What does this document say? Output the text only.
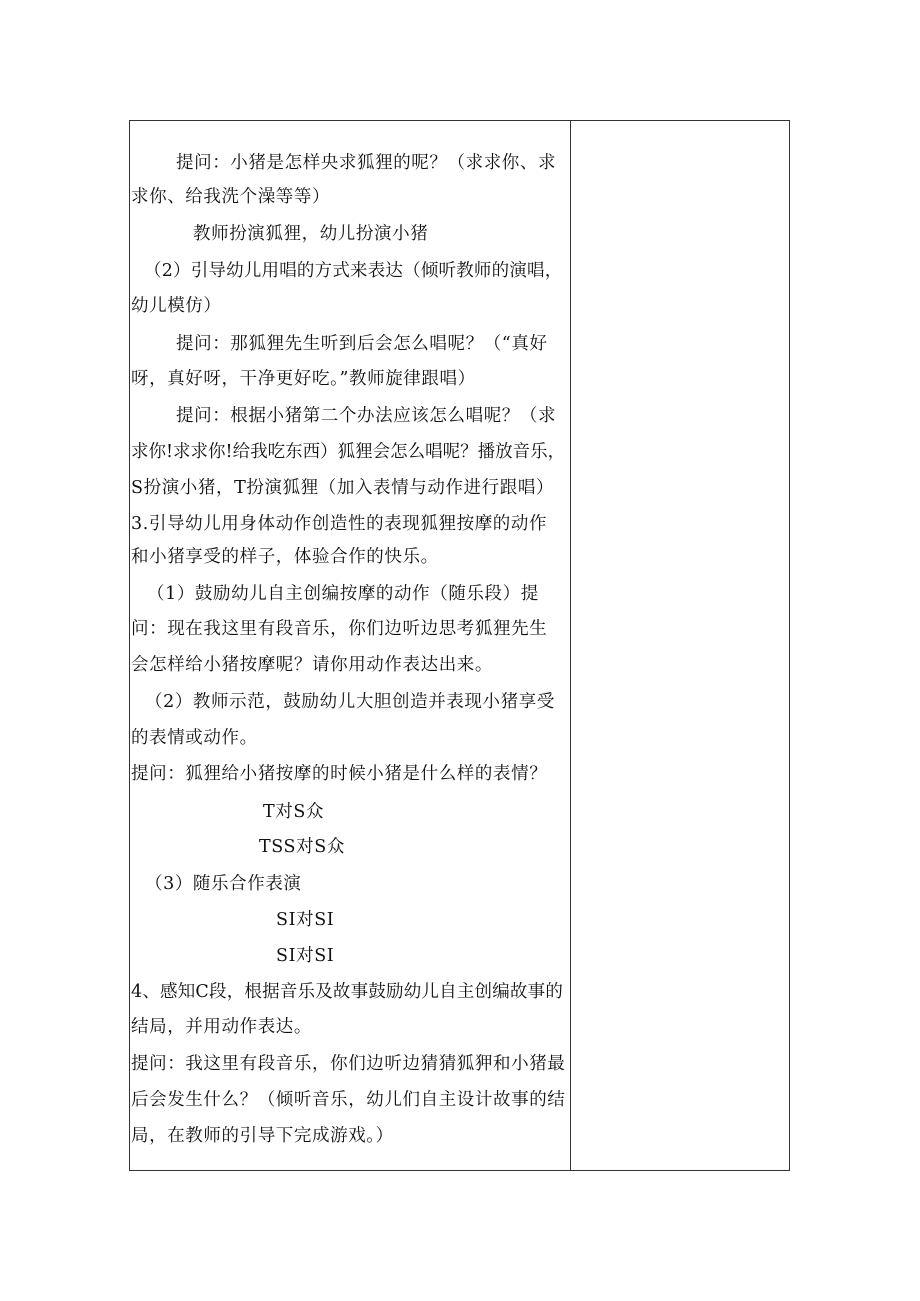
提问：小猪是怎样央求狐狸的呢？（求求你、求
求你、给我洗个澡等等）
教师扮演狐狸，幼儿扮演小猪
（2）引导幼儿用唱的方式来表达（倾听教师的演唱，
幼儿模仿）
提问：那狐狸先生听到后会怎么唱呢？（“真好
呀，真好呀，干净更好吃。”教师旋律跟唱）
提问：根据小猪第二个办法应该怎么唱呢？（求
求你!求求你!给我吃东西）狐狸会怎么唱呢？播放音乐，
S扮演小猪，T扮演狐狸（加入表情与动作进行跟唱）
3.引导幼儿用身体动作创造性的表现狐狸按摩的动作
和小猪享受的样子，体验合作的快乐。
（1）鼓励幼儿自主创编按摩的动作（随乐段）提
问：现在我这里有段音乐，你们边听边思考狐狸先生
会怎样给小猪按摩呢？请你用动作表达出来。
（2）教师示范，鼓励幼儿大胆创造并表现小猪享受
的表情或动作。
提问：狐狸给小猪按摩的时候小猪是什么样的表情？
T对S众
TSS对S众
（3）随乐合作表演
SI对SI
SI对SI
4、感知C段，根据音乐及故事鼓励幼儿自主创编故事的
结局，并用动作表达。
提问：我这里有段音乐，你们边听边猜猜狐狎和小猪最
后会发生什么？（倾听音乐，幼儿们自主设计故事的结
局，在教师的引导下完成游戏。）
